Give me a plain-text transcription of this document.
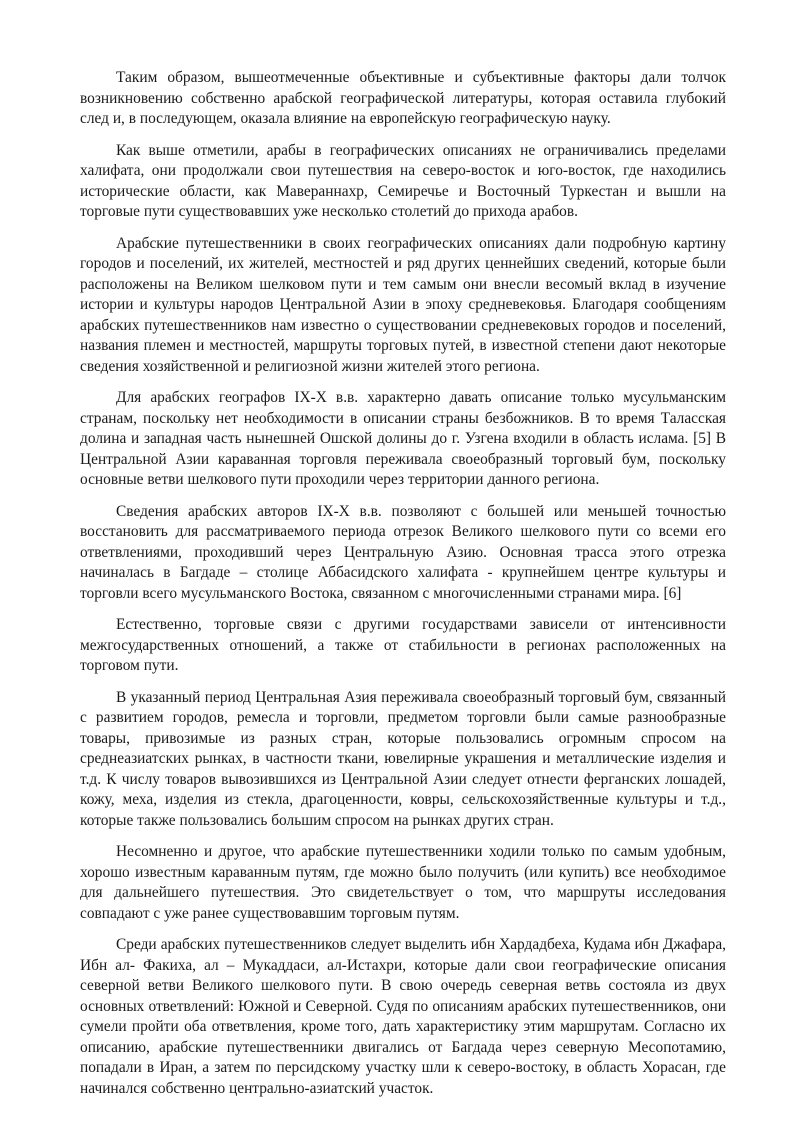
Таким образом, вышеотмеченные объективные и субъективные факторы дали толчок возникновению собственно арабской географической литературы, которая оставила глубокий след и, в последующем, оказала влияние на европейскую географическую науку.

Как выше отметили, арабы в географических описаниях не ограничивались пределами халифата, они продолжали свои путешествия на северо-восток и юго-восток, где находились исторические области, как Мавераннахр, Семиречье и Восточный Туркестан и вышли на торговые пути существовавших уже несколько столетий до прихода арабов.

Арабские путешественники в своих географических описаниях дали подробную картину городов и поселений, их жителей, местностей и ряд других ценнейших сведений, которые были расположены на Великом шелковом пути и тем самым они внесли весомый вклад в изучение истории и культуры народов Центральной Азии в эпоху средневековья. Благодаря сообщениям арабских путешественников нам известно о существовании средневековых городов и поселений, названия племен и местностей, маршруты торговых путей, в известной степени дают некоторые сведения хозяйственной и религиозной жизни жителей этого региона.

Для арабских географов IX-X в.в. характерно давать описание только мусульманским странам, поскольку нет необходимости в описании страны безбожников. В то время Таласская долина и западная часть нынешней Ошской долины до г. Узгена входили в область ислама. [5] В Центральной Азии караванная торговля переживала своеобразный торговый бум, поскольку основные ветви шелкового пути проходили через территории данного региона.

Сведения арабских авторов IX-X в.в. позволяют с большей или меньшей точностью восстановить для рассматриваемого периода отрезок Великого шелкового пути со всеми его ответвлениями, проходивший через Центральную Азию. Основная трасса этого отрезка начиналась в Багдаде – столице Аббасидского халифата - крупнейшем центре культуры и торговли всего мусульманского Востока, связанном с многочисленными странами мира. [6]

Естественно, торговые связи с другими государствами зависели от интенсивности межгосударственных отношений, а также от стабильности в регионах расположенных на торговом пути.

В указанный период Центральная Азия переживала своеобразный торговый бум, связанный с развитием городов, ремесла и торговли, предметом торговли были самые разнообразные товары, привозимые из разных стран, которые пользовались огромным спросом на среднеазиатских рынках, в частности ткани, ювелирные украшения и металлические изделия и т.д. К числу товаров вывозившихся из Центральной Азии следует отнести ферганских лошадей, кожу, меха, изделия из стекла, драгоценности, ковры, сельскохозяйственные культуры и т.д., которые также пользовались большим спросом на рынках других стран.

Несомненно и другое, что арабские путешественники ходили только по самым удобным, хорошо известным караванным путям, где можно было получить (или купить) все необходимое для дальнейшего путешествия. Это свидетельствует о том, что маршруты исследования совпадают с уже ранее существовавшим торговым путям.

Среди арабских путешественников следует выделить ибн Хардадбеха, Кудама ибн Джафара, Ибн ал- Факиха, ал – Мукаддаси, ал-Истахри, которые дали свои географические описания северной ветви Великого шелкового пути. В свою очередь северная ветвь состояла из двух основных ответвлений: Южной и Северной. Судя по описаниям арабских путешественников, они сумели пройти оба ответвления, кроме того, дать характеристику этим маршрутам. Согласно их описанию, арабские путешественники двигались от Багдада через северную Месопотамию, попадали в Иран, а затем по персидскому участку шли к северо-востоку, в область Хорасан, где начинался собственно центрально-азиатский участок.
